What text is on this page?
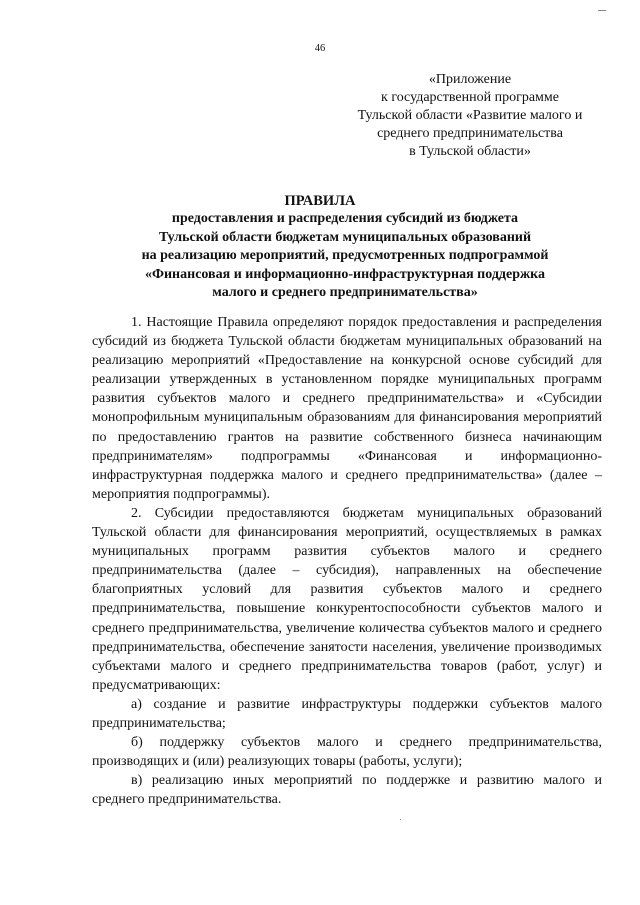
46
«Приложение
к государственной программе
Тульской области «Развитие малого и
среднего предпринимательства
в Тульской области»
ПРАВИЛА
предоставления и распределения субсидий из бюджета
Тульской области бюджетам муниципальных образований
на реализацию мероприятий, предусмотренных подпрограммой
«Финансовая и информационно-инфраструктурная поддержка
малого и среднего предпринимательства»

1. Настоящие Правила определяют порядок предоставления и распределения субсидий из бюджета Тульской области бюджетам муниципальных образований на реализацию мероприятий «Предоставление на конкурсной основе субсидий для реализации утвержденных в установленном порядке муниципальных программ развития субъектов малого и среднего предпринимательства» и «Субсидии монопрофильным муниципальным образованиям для финансирования мероприятий по предоставлению грантов на развитие собственного бизнеса начинающим предпринимателям» подпрограммы «Финансовая и информационно-инфраструктурная поддержка малого и среднего предпринимательства» (далее – мероприятия подпрограммы).

2. Субсидии предоставляются бюджетам муниципальных образований Тульской области для финансирования мероприятий, осуществляемых в рамках муниципальных программ развития субъектов малого и среднего предпринимательства (далее – субсидия), направленных на обеспечение благоприятных условий для развития субъектов малого и среднего предпринимательства, повышение конкурентоспособности субъектов малого и среднего предпринимательства, увеличение количества субъектов малого и среднего предпринимательства, обеспечение занятости населения, увеличение производимых субъектами малого и среднего предпринимательства товаров (работ, услуг) и предусматривающих:

а) создание и развитие инфраструктуры поддержки субъектов малого предпринимательства;

б) поддержку субъектов малого и среднего предпринимательства, производящих и (или) реализующих товары (работы, услуги);

в) реализацию иных мероприятий по поддержке и развитию малого и среднего предпринимательства.
